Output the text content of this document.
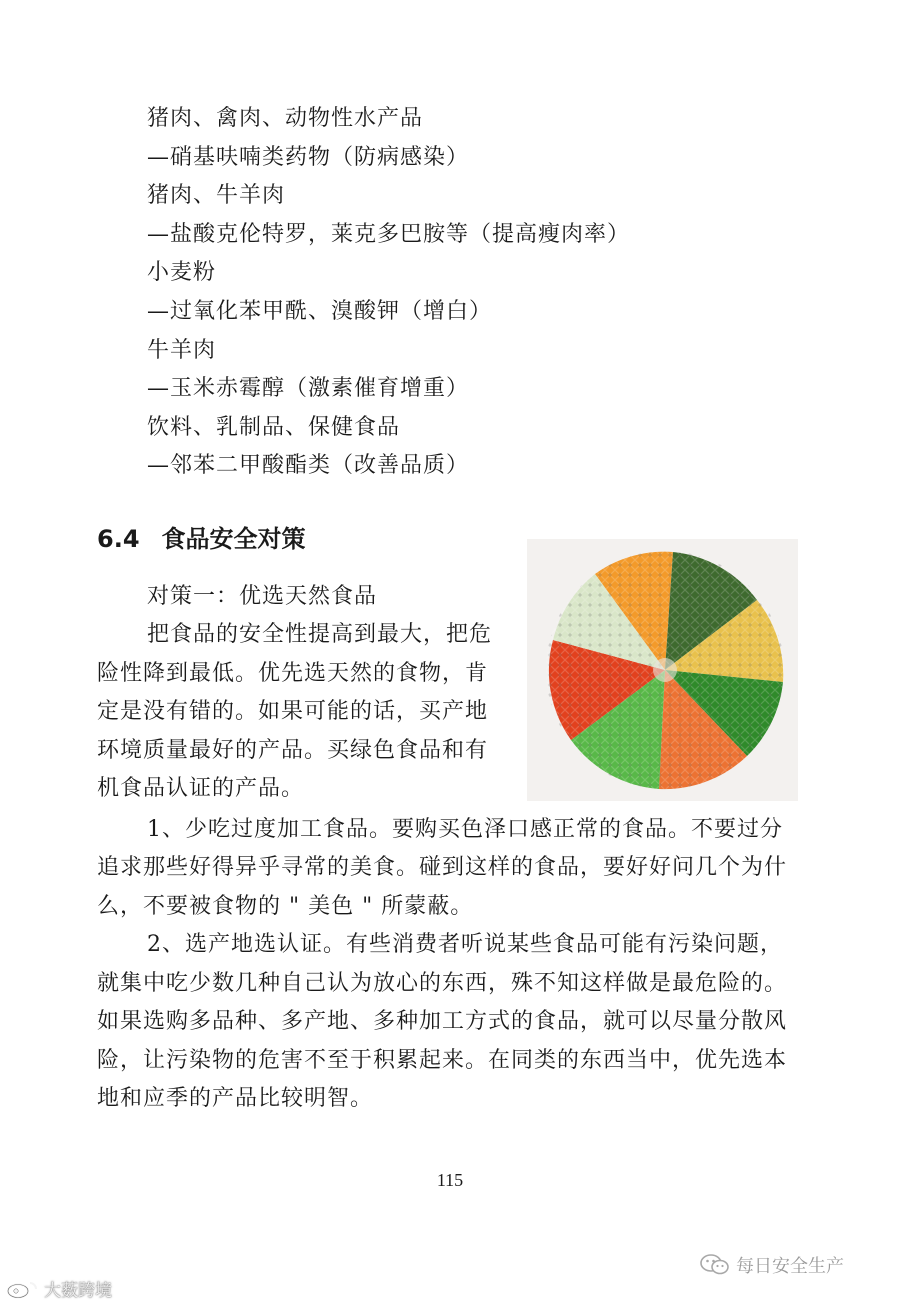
猪肉、禽肉、动物性水产品
—硝基呋喃类药物（防病感染）
猪肉、牛羊肉
—盐酸克伦特罗，莱克多巴胺等（提高瘦肉率）
小麦粉
—过氧化苯甲酰、溴酸钾（增白）
牛羊肉
—玉米赤霉醇（激素催育增重）
饮料、乳制品、保健食品
—邻苯二甲酸酯类（改善品质）
6.4 食品安全对策
对策一：优选天然食品
把食品的安全性提高到最大，把危
险性降到最低。优先选天然的食物，肯
定是没有错的。如果可能的话，买产地
环境质量最好的产品。买绿色食品和有
机食品认证的产品。
1、少吃过度加工食品。要购买色泽口感正常的食品。不要过分
追求那些好得异乎寻常的美食。碰到这样的食品，要好好问几个为什
么，不要被食物的 " 美色 " 所蒙蔽。
2、选产地选认证。有些消费者听说某些食品可能有污染问题，
就集中吃少数几种自己认为放心的东西，殊不知这样做是最危险的。
如果选购多品种、多产地、多种加工方式的食品，就可以尽量分散风
险，让污染物的危害不至于积累起来。在同类的东西当中，优先选本
地和应季的产品比较明智。
115
每日安全生产
大薮跨境
